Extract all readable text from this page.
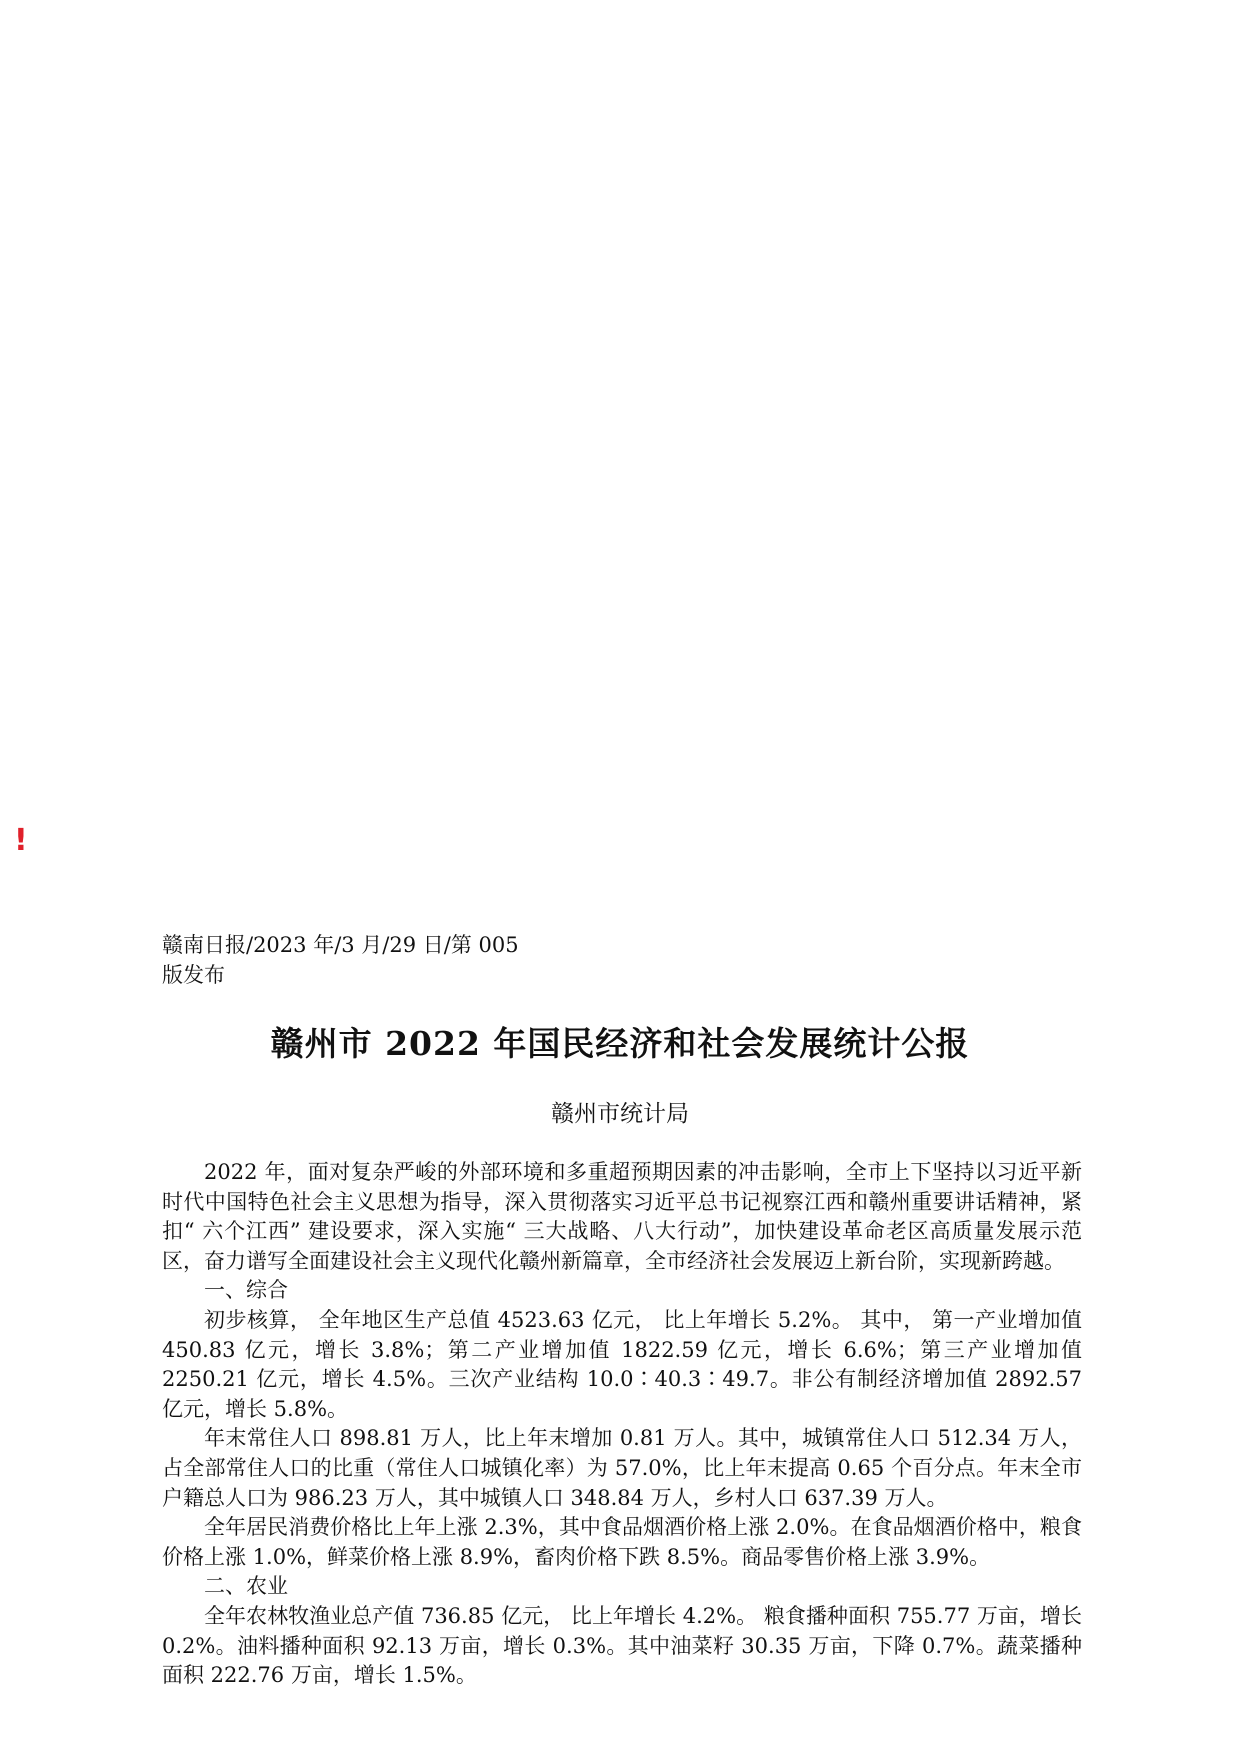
!
赣南日报/2023 年/3 月/29 日/第 005
版发布
赣州市 2022 年国民经济和社会发展统计公报
赣州市统计局

2022 年，面对复杂严峻的外部环境和多重超预期因素的冲击影响，全市上下坚持以习近平新时代中国特色社会主义思想为指导，深入贯彻落实习近平总书记视察江西和赣州重要讲话精神，紧扣“ 六个江西” 建设要求，深入实施“ 三大战略、八大行动”，加快建设革命老区高质量发展示范区，奋力谱写全面建设社会主义现代化赣州新篇章，全市经济社会发展迈上新台阶，实现新跨越。

一、综合

初步核算， 全年地区生产总值 4523.63 亿元， 比上年增长 5.2%。 其中， 第一产业增加值 450.83 亿元，增长 3.8%；第二产业增加值 1822.59 亿元，增长 6.6%；第三产业增加值 2250.21 亿元，增长 4.5%。三次产业结构 10.0∶40.3∶49.7。非公有制经济增加值 2892.57 亿元，增长 5.8%。

年末常住人口 898.81 万人，比上年末增加 0.81 万人。其中，城镇常住人口 512.34 万人，占全部常住人口的比重（常住人口城镇化率）为 57.0%，比上年末提高 0.65 个百分点。年末全市户籍总人口为 986.23 万人，其中城镇人口 348.84 万人，乡村人口 637.39 万人。

全年居民消费价格比上年上涨 2.3%，其中食品烟酒价格上涨 2.0%。在食品烟酒价格中，粮食价格上涨 1.0%，鲜菜价格上涨 8.9%，畜肉价格下跌 8.5%。商品零售价格上涨 3.9%。

二、农业

全年农林牧渔业总产值 736.85 亿元， 比上年增长 4.2%。 粮食播种面积 755.77 万亩，增长 0.2%。油料播种面积 92.13 万亩，增长 0.3%。其中油菜籽 30.35 万亩，下降 0.7%。蔬菜播种面积 222.76 万亩，增长 1.5%。
